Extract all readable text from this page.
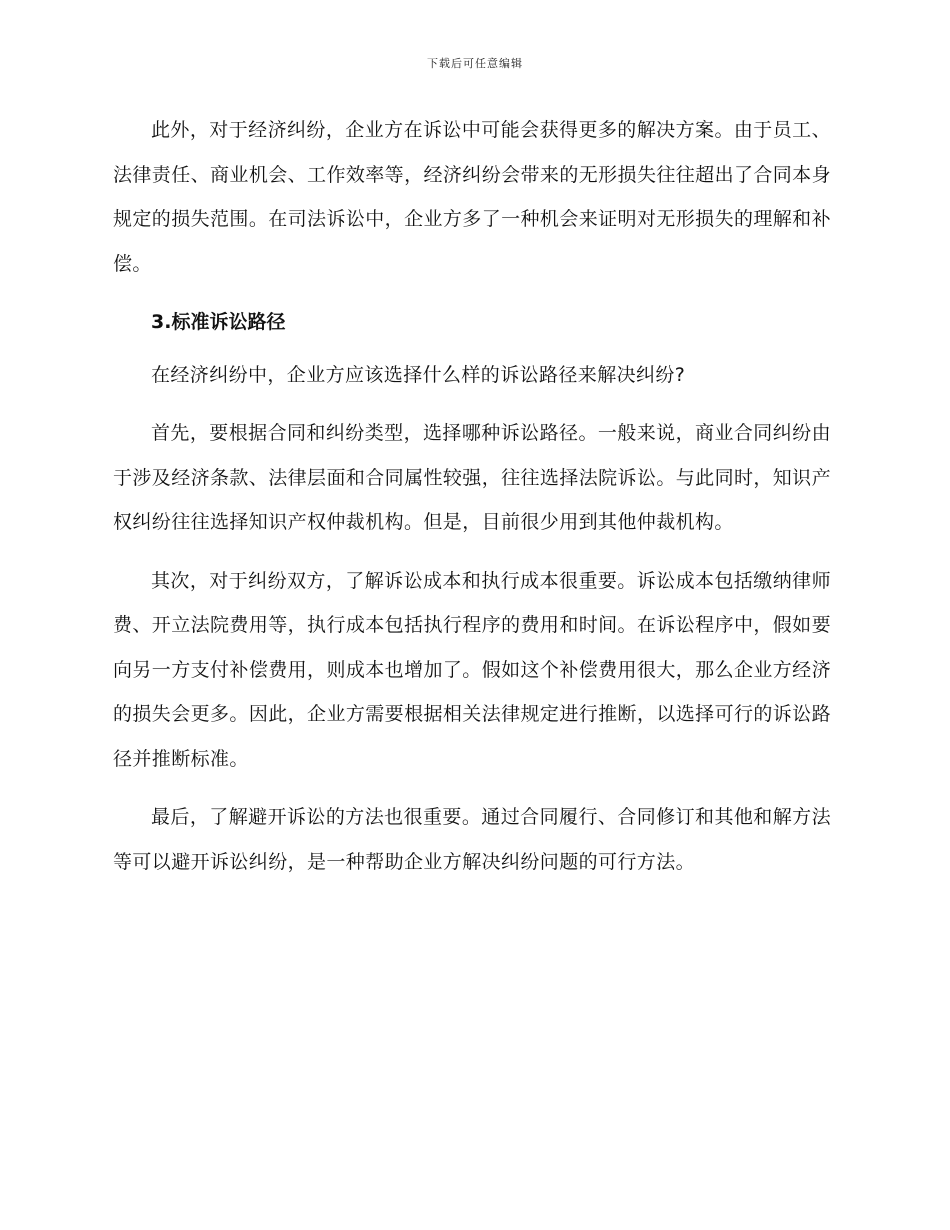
下载后可任意编辑

此外，对于经济纠纷，企业方在诉讼中可能会获得更多的解决方案。由于员工、法律责任、商业机会、工作效率等，经济纠纷会带来的无形损失往往超出了合同本身规定的损失范围。在司法诉讼中，企业方多了一种机会来证明对无形损失的理解和补偿。

3.标准诉讼路径

在经济纠纷中，企业方应该选择什么样的诉讼路径来解决纠纷?

首先，要根据合同和纠纷类型，选择哪种诉讼路径。一般来说，商业合同纠纷由于涉及经济条款、法律层面和合同属性较强，往往选择法院诉讼。与此同时，知识产权纠纷往往选择知识产权仲裁机构。但是，目前很少用到其他仲裁机构。

其次，对于纠纷双方，了解诉讼成本和执行成本很重要。诉讼成本包括缴纳律师费、开立法院费用等，执行成本包括执行程序的费用和时间。在诉讼程序中，假如要向另一方支付补偿费用，则成本也增加了。假如这个补偿费用很大，那么企业方经济的损失会更多。因此，企业方需要根据相关法律规定进行推断，以选择可行的诉讼路径并推断标准。

最后，了解避开诉讼的方法也很重要。通过合同履行、合同修订和其他和解方法等可以避开诉讼纠纷，是一种帮助企业方解决纠纷问题的可行方法。
